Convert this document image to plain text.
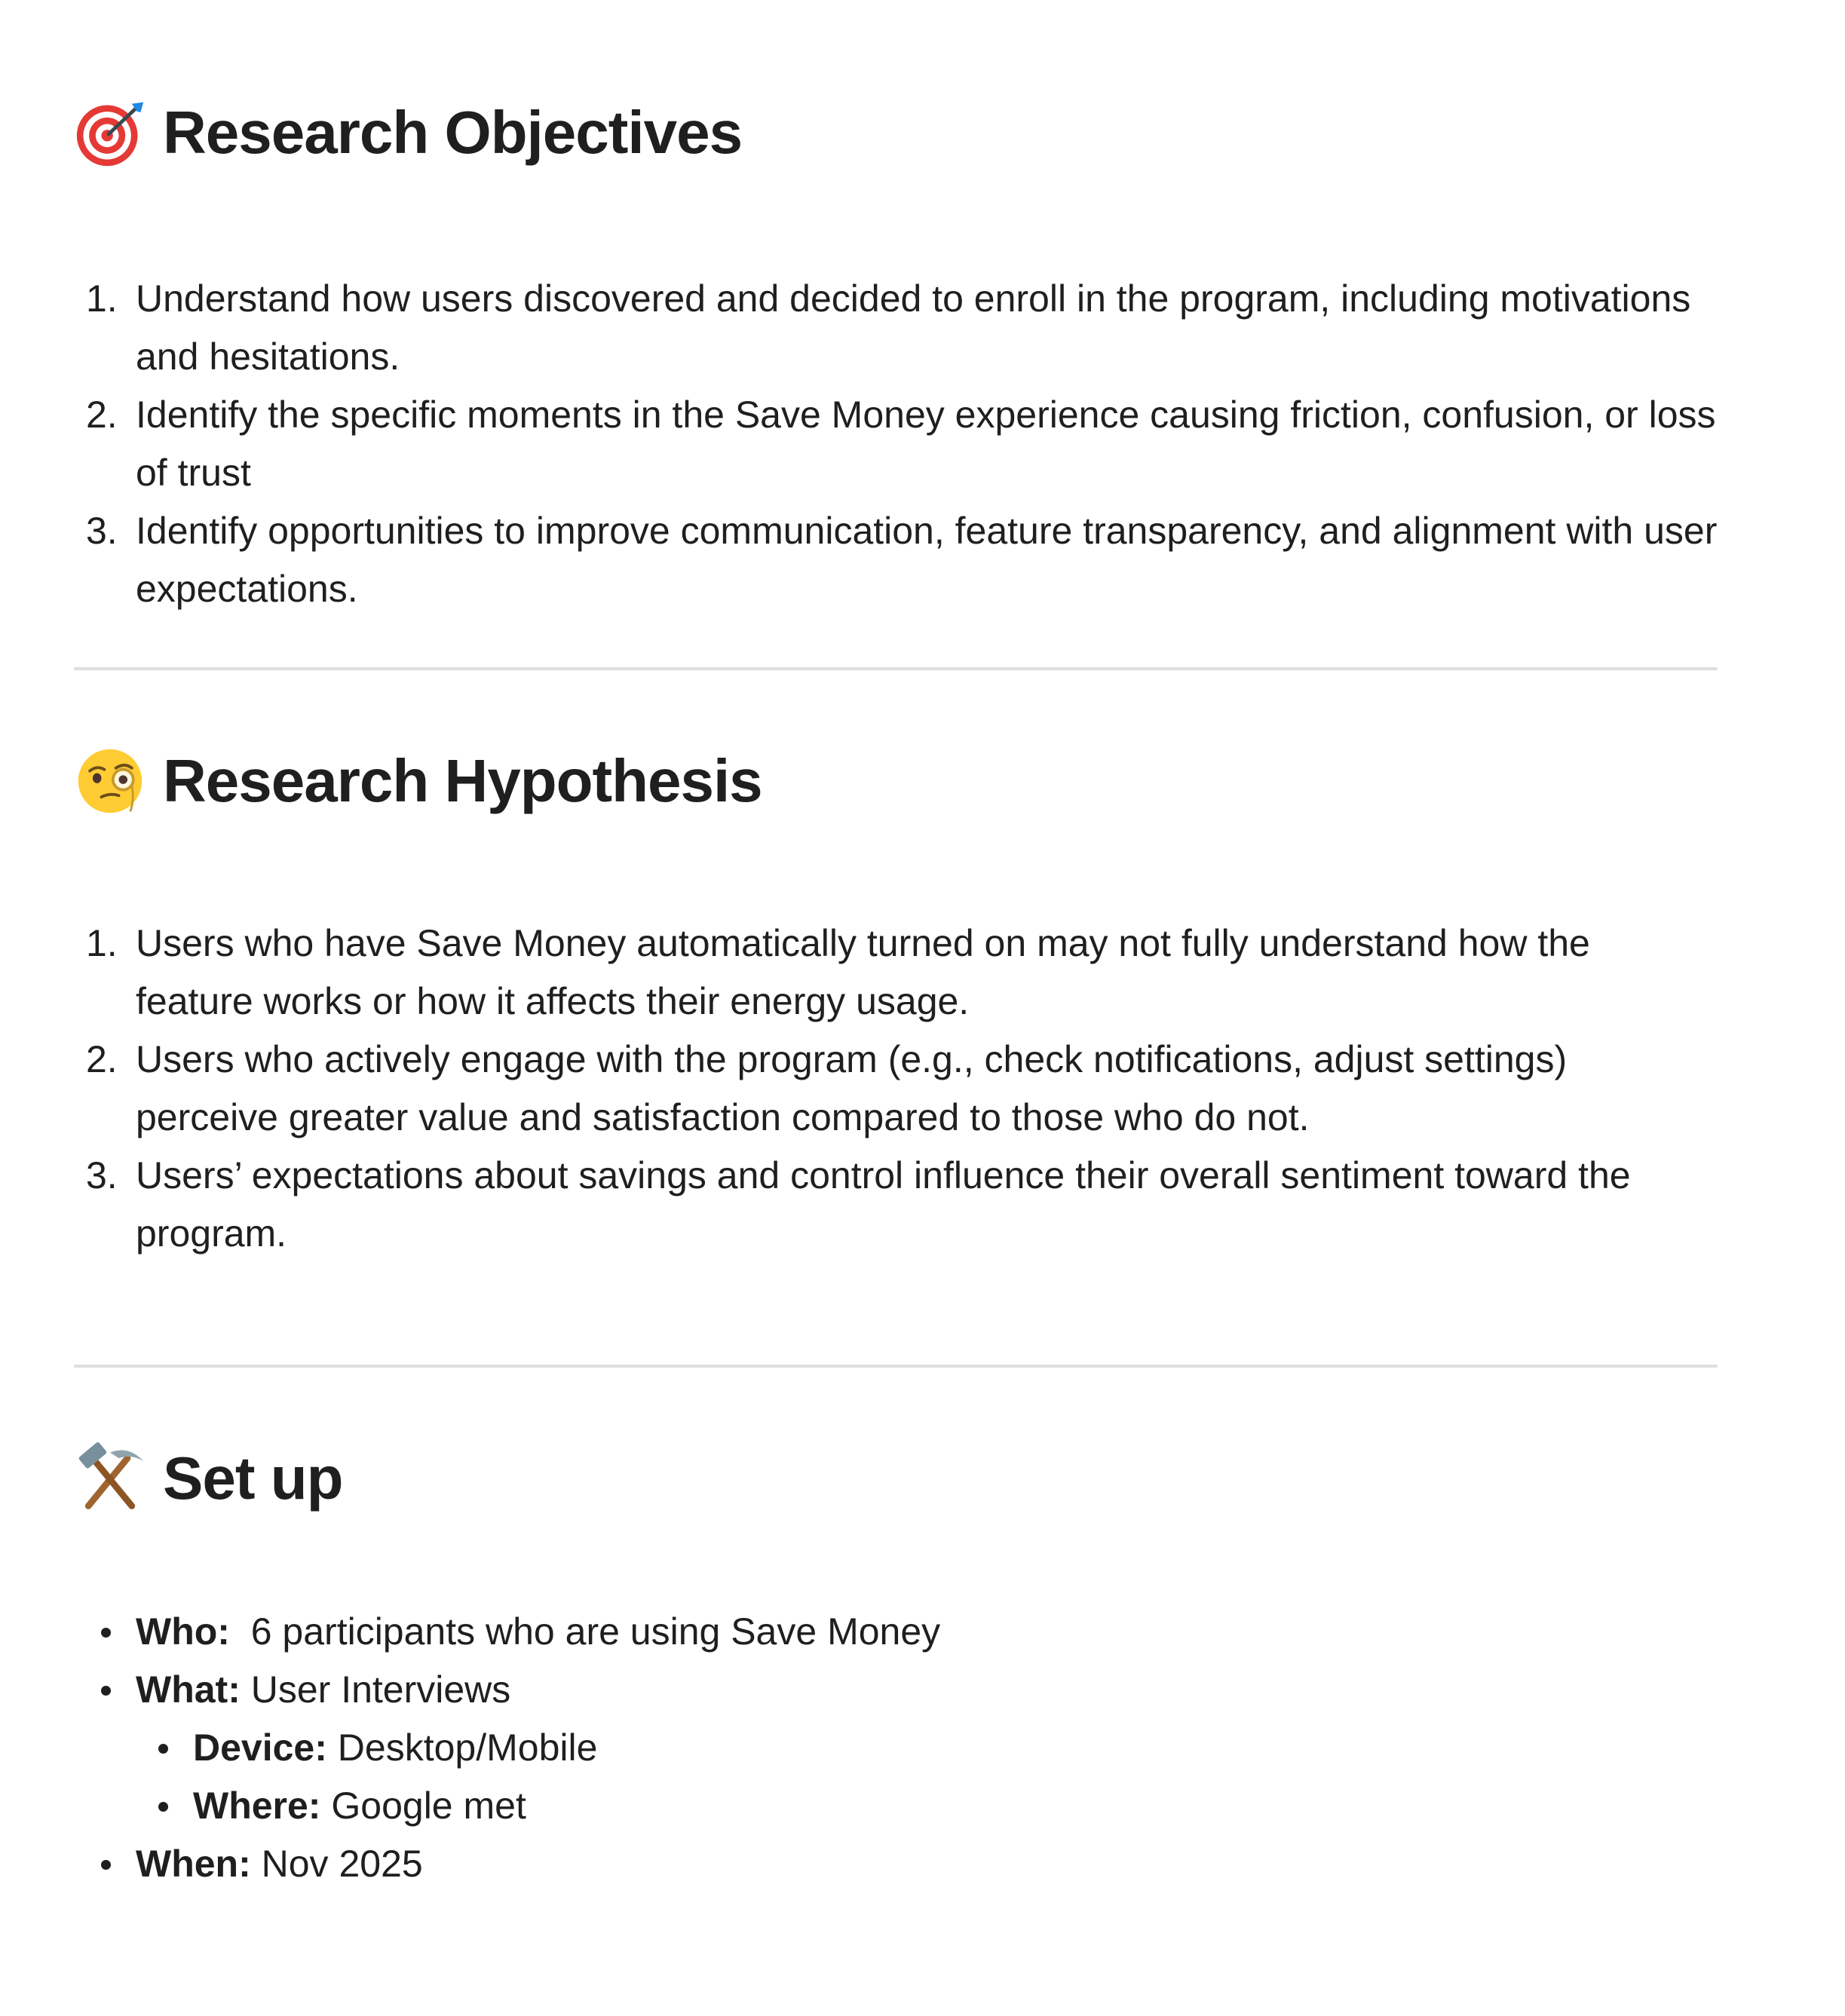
Research Objectives
1. Understand how users discovered and decided to enroll in the program, including motivations and hesitations.
2. Identify the specific moments in the Save Money experience causing friction, confusion, or loss of trust
3. Identify opportunities to improve communication, feature transparency, and alignment with user expectations.
Research Hypothesis
1. Users who have Save Money automatically turned on may not fully understand how the feature works or how it affects their energy usage.
2. Users who actively engage with the program (e.g., check notifications, adjust settings) perceive greater value and satisfaction compared to those who do not.
3. Users’ expectations about savings and control influence their overall sentiment toward the program.
Set up
Who:  6 participants who are using Save Money
What: User Interviews
Device: Desktop/Mobile
Where: Google met
When: Nov 2025
